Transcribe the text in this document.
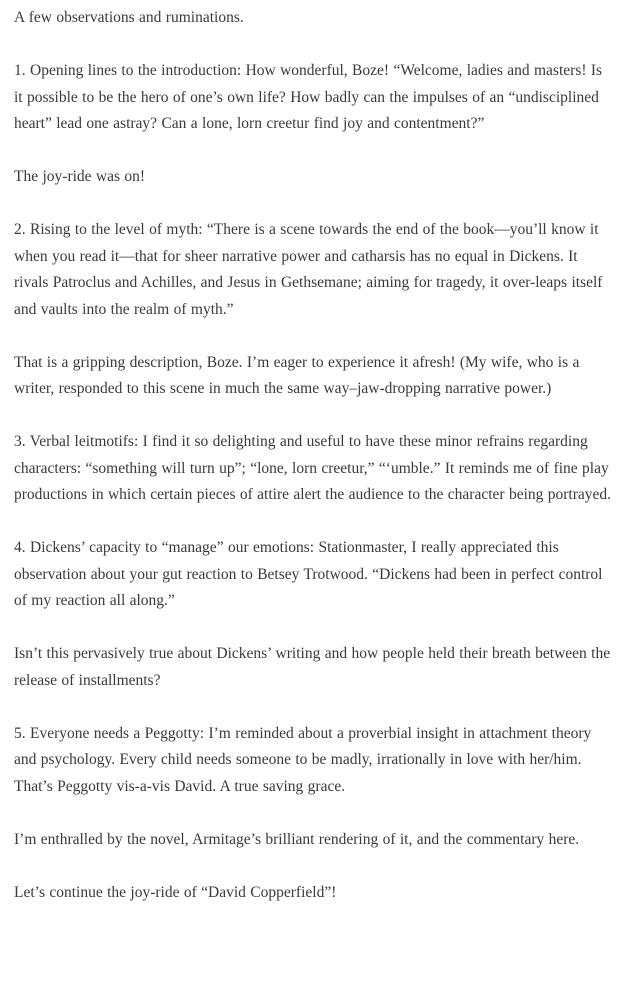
A few observations and ruminations.

1. Opening lines to the introduction: How wonderful, Boze! “Welcome, ladies and masters! Is it possible to be the hero of one’s own life? How badly can the impulses of an “undisciplined heart” lead one astray? Can a lone, lorn creetur find joy and contentment?”

The joy-ride was on!

2. Rising to the level of myth: “There is a scene towards the end of the book—you’ll know it when you read it—that for sheer narrative power and catharsis has no equal in Dickens. It rivals Patroclus and Achilles, and Jesus in Gethsemane; aiming for tragedy, it over-leaps itself and vaults into the realm of myth.”

That is a gripping description, Boze. I’m eager to experience it afresh! (My wife, who is a writer, responded to this scene in much the same way–jaw-dropping narrative power.)

3. Verbal leitmotifs: I find it so delighting and useful to have these minor refrains regarding characters: “something will turn up”; “lone, lorn creetur,” “‘umble.” It reminds me of fine play productions in which certain pieces of attire alert the audience to the character being portrayed.

4. Dickens’ capacity to “manage” our emotions: Stationmaster, I really appreciated this observation about your gut reaction to Betsey Trotwood. “Dickens had been in perfect control of my reaction all along.”

Isn’t this pervasively true about Dickens’ writing and how people held their breath between the release of installments?

5. Everyone needs a Peggotty: I’m reminded about a proverbial insight in attachment theory and psychology. Every child needs someone to be madly, irrationally in love with her/him. That’s Peggotty vis-a-vis David. A true saving grace.

I’m enthralled by the novel, Armitage’s brilliant rendering of it, and the commentary here.

Let’s continue the joy-ride of “David Copperfield”!
